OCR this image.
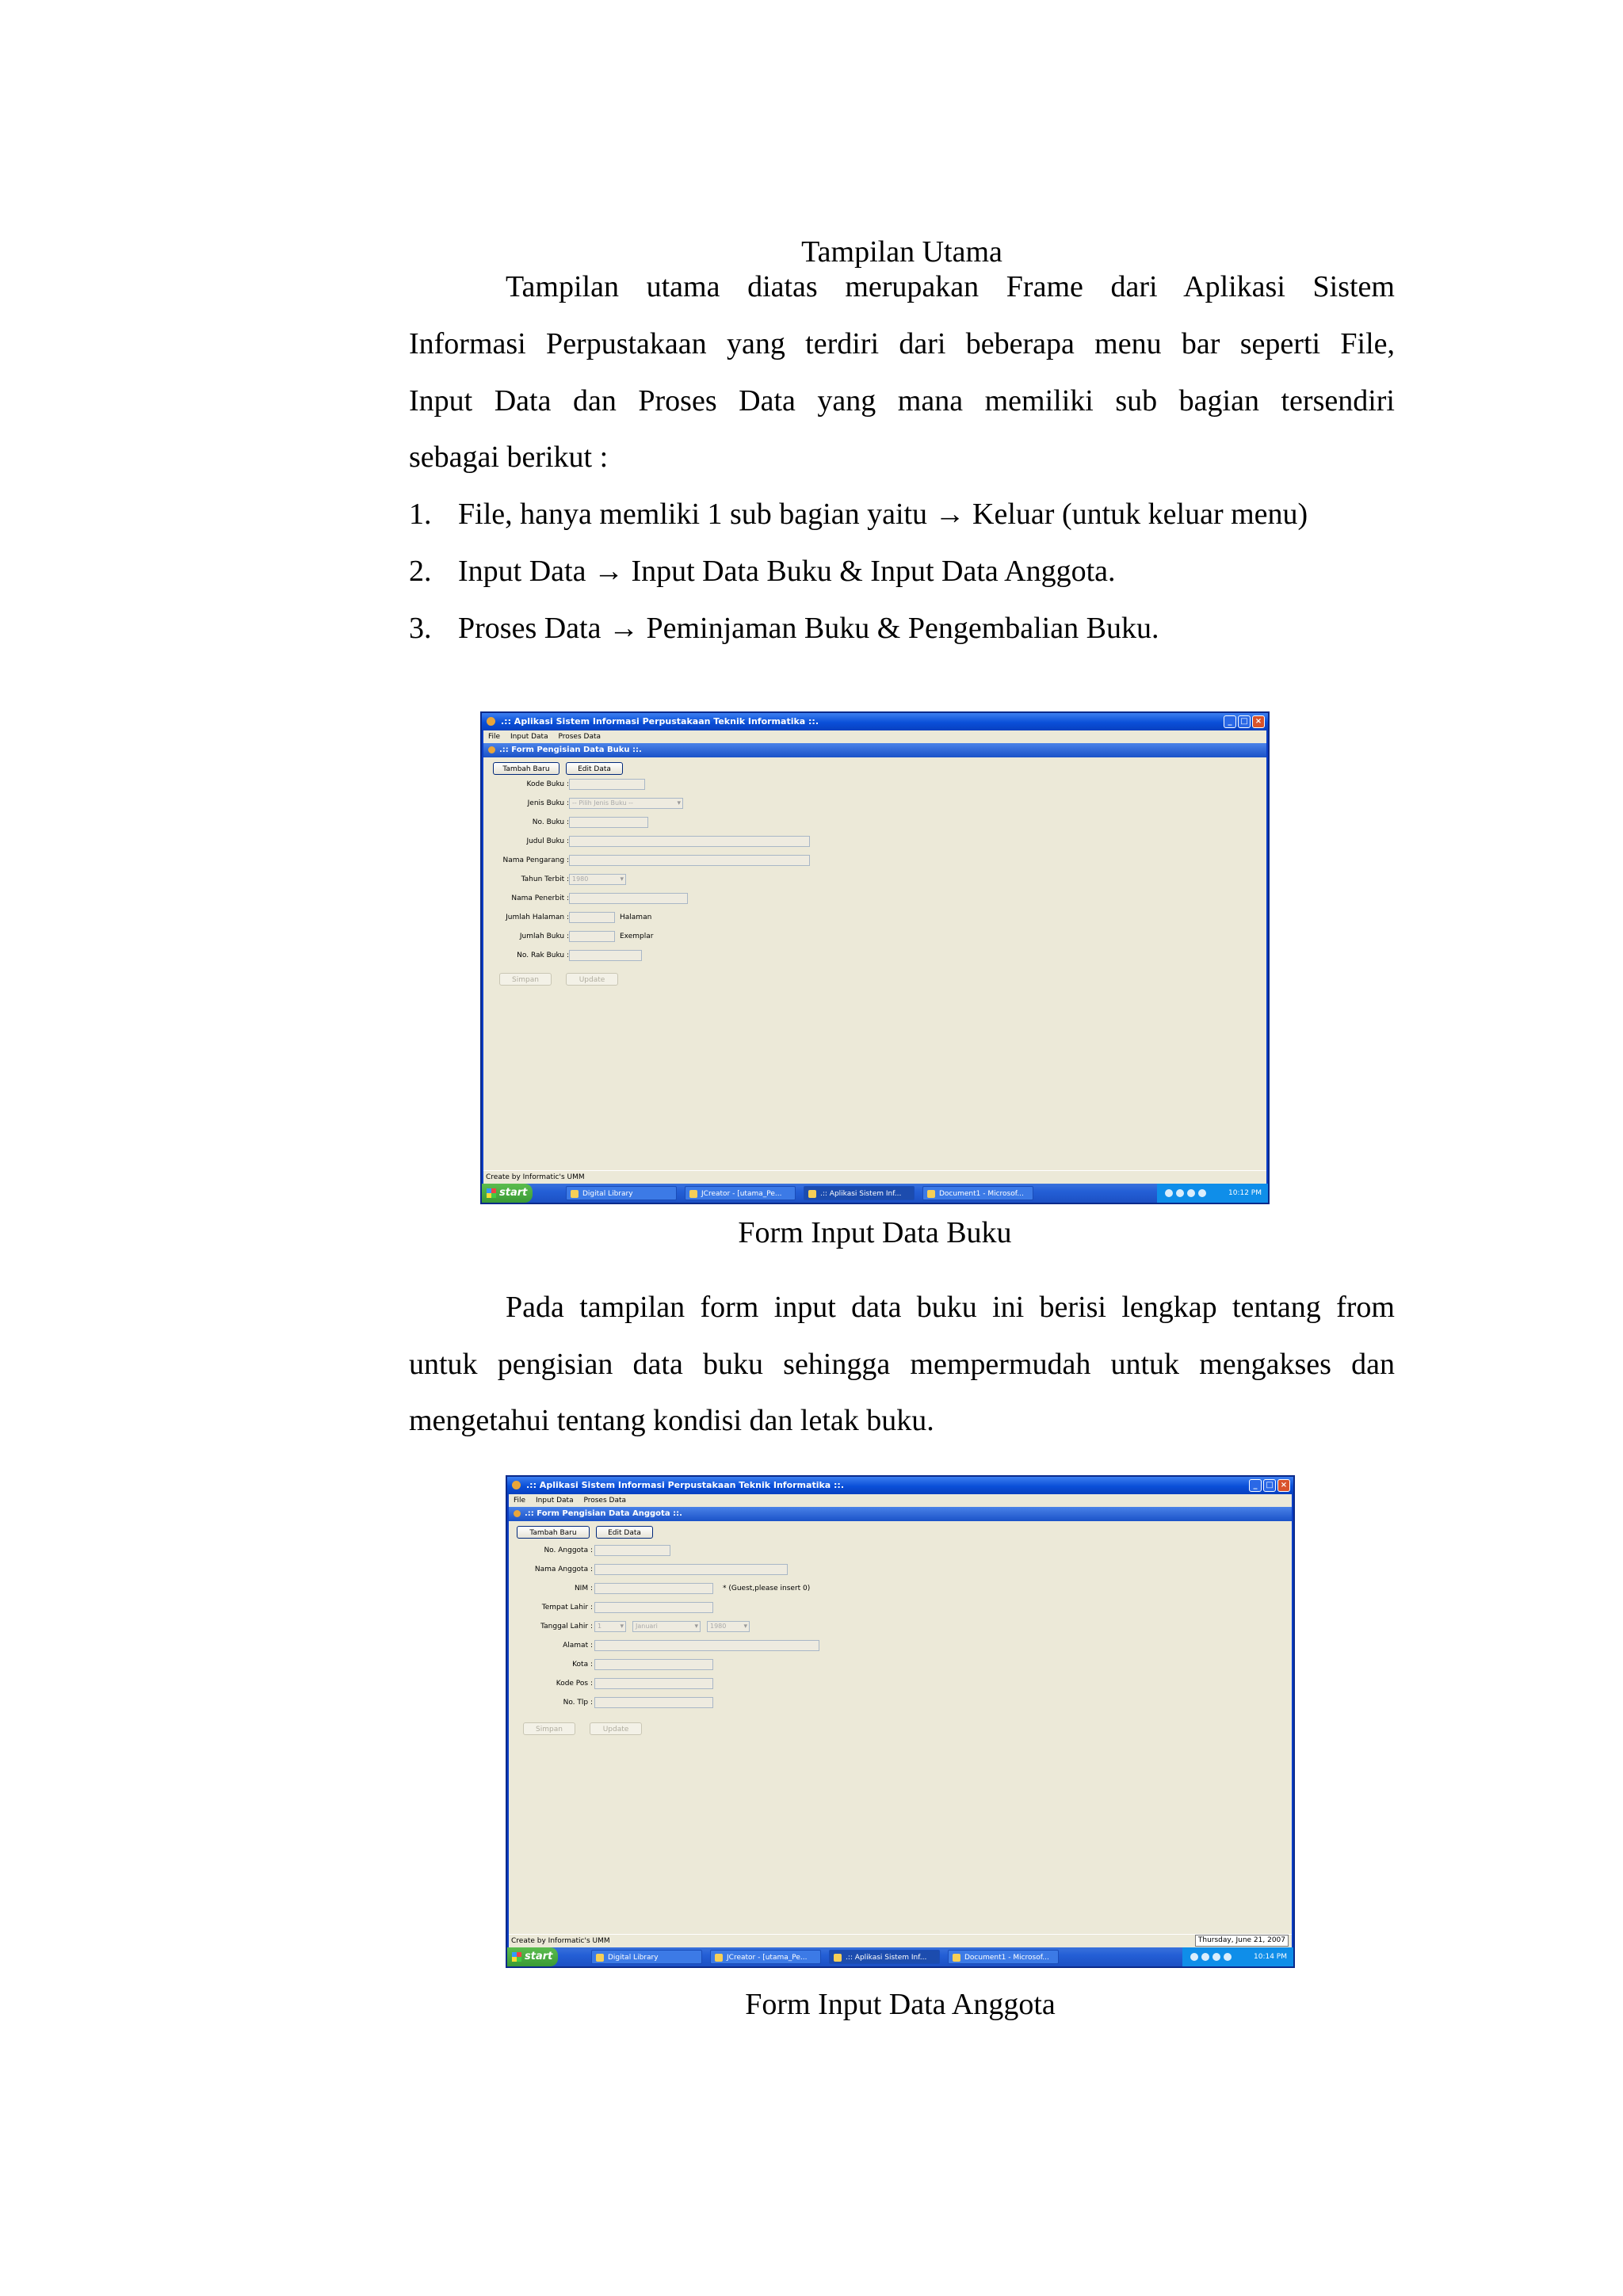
Tampilan Utama
Tampilan utama diatas merupakan Frame dari Aplikasi Sistem
Informasi Perpustakaan yang terdiri dari beberapa menu bar seperti File,
Input Data dan Proses Data yang mana memiliki sub bagian tersendiri
sebagai berikut :
1. File, hanya memliki 1 sub bagian yaitu → Keluar (untuk keluar menu)
2. Input Data → Input Data Buku & Input Data Anggota.
3. Proses Data → Peminjaman Buku & Pengembalian Buku.
.:: Aplikasi Sistem Informasi Perpustakaan Teknik Informatika ::.	_	□ ×
File Input Data Proses Data
.:: Form Pengisian Data Buku ::.
Tambah Baru	Edit Data
Kode Buku :
Jenis Buku : -- Pilih Jenis Buku -- ▾
No. Buku :
Judul Buku :
Nama Pengarang :
Tahun Terbit : 1980 ▾
Nama Penerbit :
Jumlah Halaman :	Halaman
Jumlah Buku :	Exemplar
No. Rak Buku :
Simpan	Update
Create by Informatic's UMM
start	Digital Library	JCreator - [utama_Pe...	.:: Aplikasi Sistem Inf...	Document1 - Microsof...	10:12 PM
Form Input Data Buku
Pada tampilan form input data buku ini berisi lengkap tentang from
untuk pengisian data buku sehingga mempermudah untuk mengakses dan
mengetahui tentang kondisi dan letak buku.
.:: Aplikasi Sistem Informasi Perpustakaan Teknik Informatika ::.	_	□ ×
File Input Data Proses Data
.:: Form Pengisian Data Anggota ::.
Tambah Baru	Edit Data
No. Anggota :
Nama Anggota :
NIM :	* (Guest,please insert 0)
Tempat Lahir :
Tanggal Lahir : 1 ▾	Januari ▾	1980 ▾
Alamat :
Kota :
Kode Pos :
No. Tlp :
Simpan	Update
Create by Informatic's UMM	Thursday, June 21, 2007
start	Digital Library	JCreator - [utama_Pe...	.:: Aplikasi Sistem Inf...	Document1 - Microsof...	10:14 PM
Form Input Data Anggota
